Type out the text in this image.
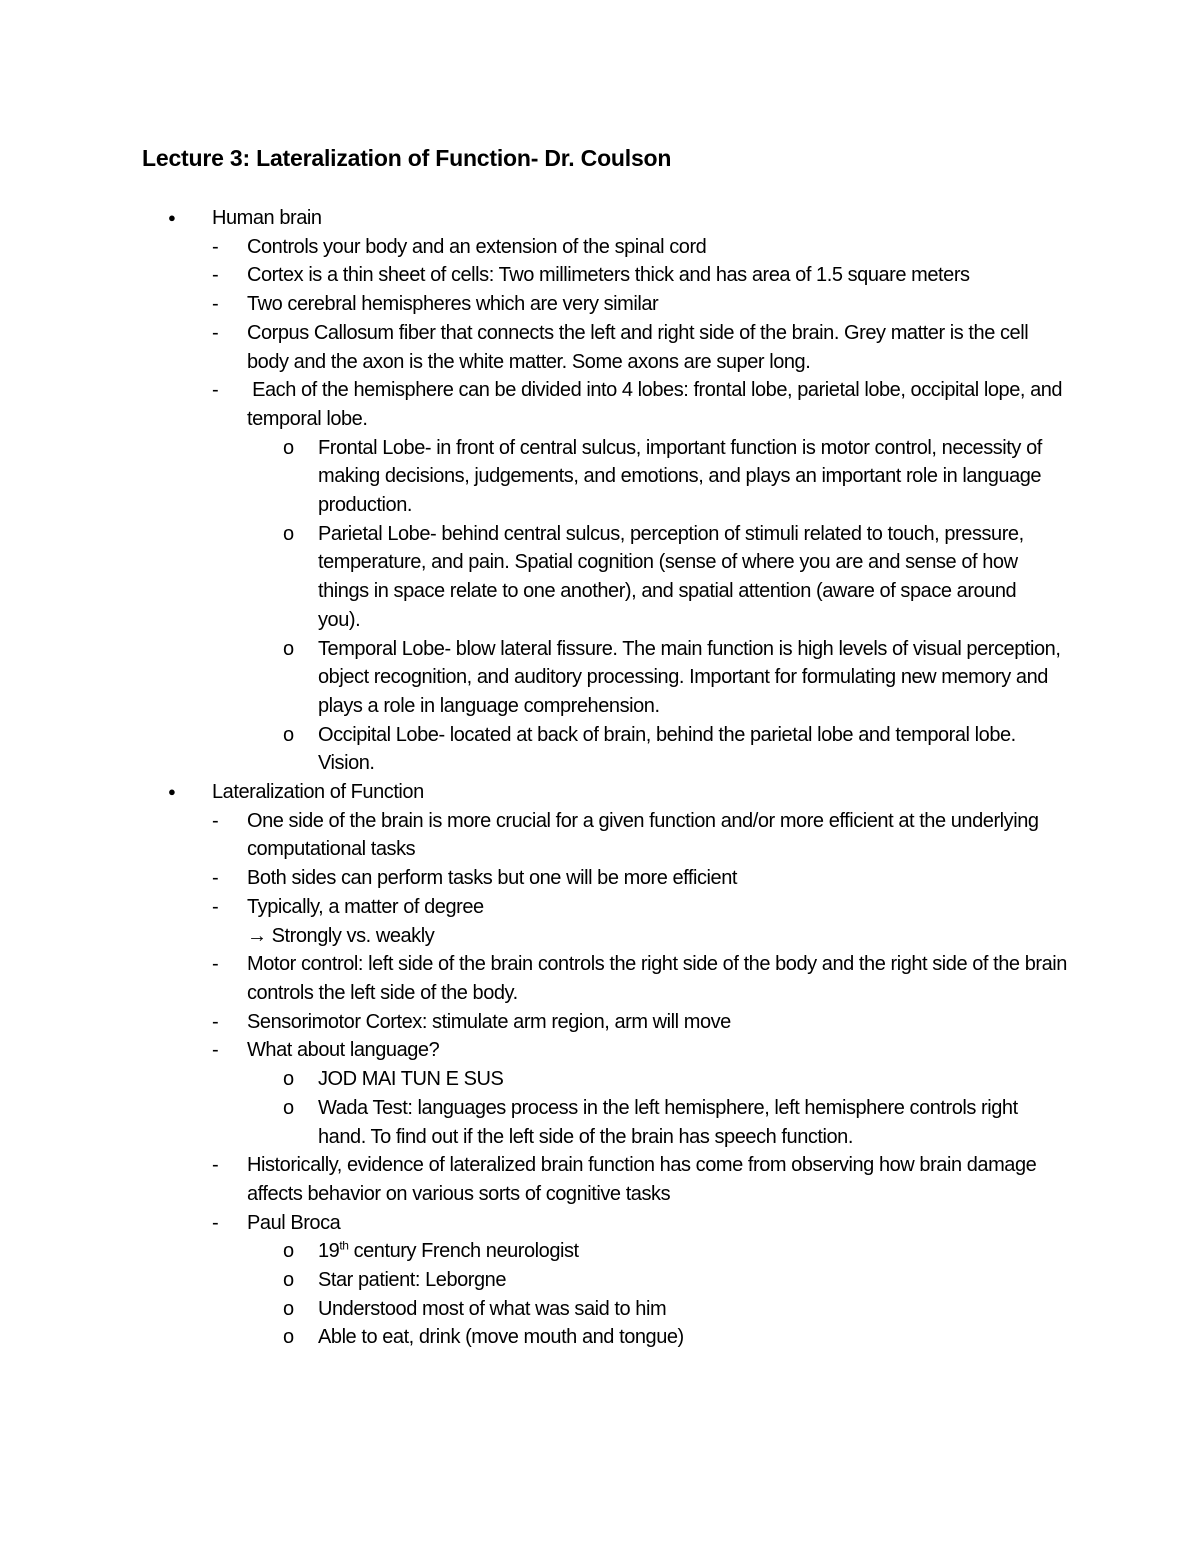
Lecture 3: Lateralization of Function- Dr. Coulson
● Human brain
- Controls your body and an extension of the spinal cord
- Cortex is a thin sheet of cells: Two millimeters thick and has area of 1.5 square meters
- Two cerebral hemispheres which are very similar
- Corpus Callosum fiber that connects the left and right side of the brain. Grey matter is the cell body and the axon is the white matter. Some axons are super long.
- Each of the hemisphere can be divided into 4 lobes: frontal lobe, parietal lobe, occipital lope, and temporal lobe.
o Frontal Lobe- in front of central sulcus, important function is motor control, necessity of making decisions, judgements, and emotions, and plays an important role in language production.
o Parietal Lobe- behind central sulcus, perception of stimuli related to touch, pressure, temperature, and pain. Spatial cognition (sense of where you are and sense of how things in space relate to one another), and spatial attention (aware of space around you).
o Temporal Lobe- blow lateral fissure. The main function is high levels of visual perception, object recognition, and auditory processing. Important for formulating new memory and plays a role in language comprehension.
o Occipital Lobe- located at back of brain, behind the parietal lobe and temporal lobe. Vision.
● Lateralization of Function
- One side of the brain is more crucial for a given function and/or more efficient at the underlying computational tasks
- Both sides can perform tasks but one will be more efficient
- Typically, a matter of degree
→ Strongly vs. weakly
- Motor control: left side of the brain controls the right side of the body and the right side of the brain controls the left side of the body.
- Sensorimotor Cortex: stimulate arm region, arm will move
- What about language?
o JOD MAI TUN E SUS
o Wada Test: languages process in the left hemisphere, left hemisphere controls right hand. To find out if the left side of the brain has speech function.
- Historically, evidence of lateralized brain function has come from observing how brain damage affects behavior on various sorts of cognitive tasks
- Paul Broca
o 19th century French neurologist
o Star patient: Leborgne
o Understood most of what was said to him
o Able to eat, drink (move mouth and tongue)
